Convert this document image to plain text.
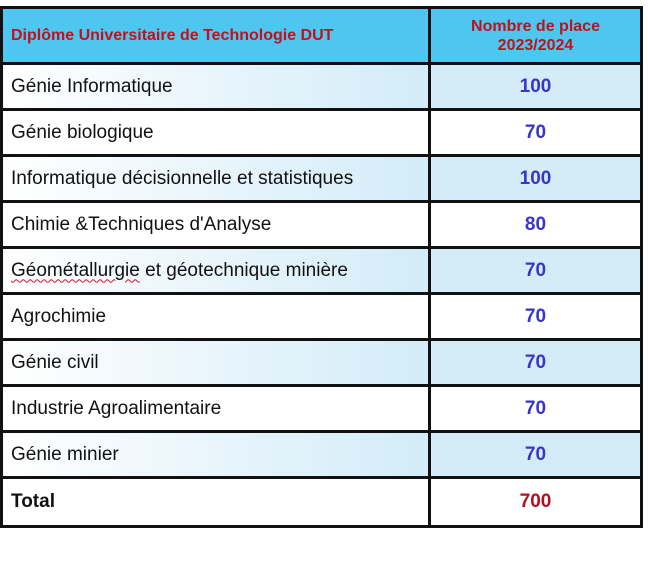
Diplôme Universitaire de Technologie DUT	Nombre de place
2023/2024

Génie Informatique	100
Génie biologique	70
Informatique décisionnelle et statistiques	100
Chimie &Techniques d'Analyse	80
Géométallurgie et géotechnique minière	70
Agrochimie	70
Génie civil	70
Industrie Agroalimentaire	70
Génie minier	70
Total	700
